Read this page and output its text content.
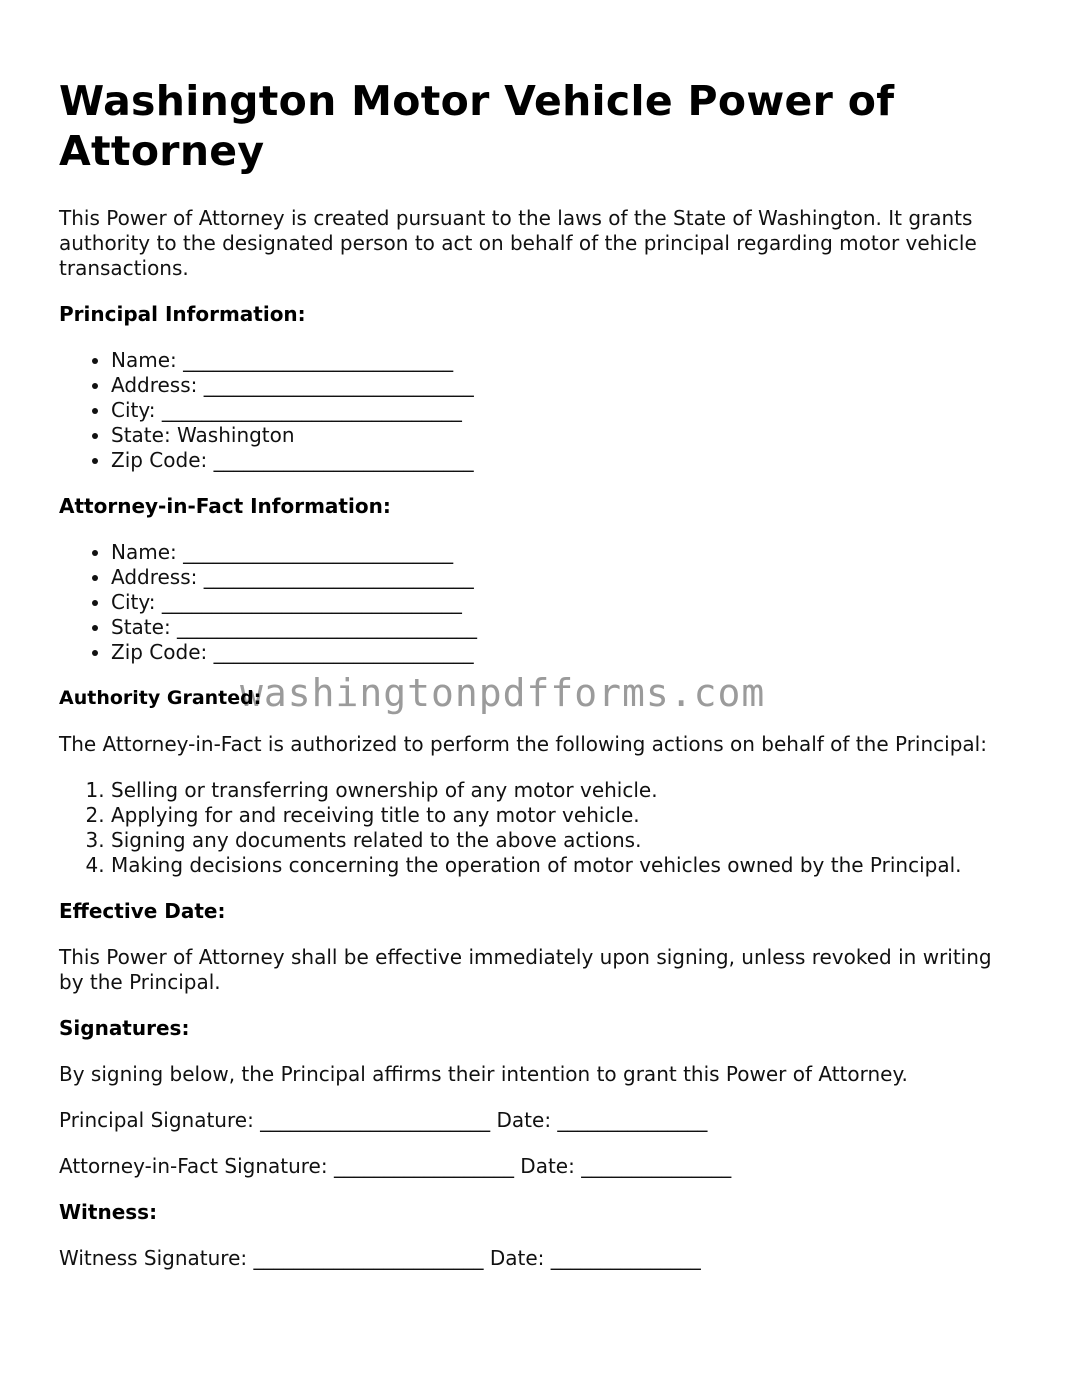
Washington Motor Vehicle Power of Attorney

This Power of Attorney is created pursuant to the laws of the State of Washington. It grants authority to the designated person to act on behalf of the principal regarding motor vehicle transactions.

Principal Information:
• Name: ___________________________
• Address: ___________________________
• City: ______________________________
• State: Washington
• Zip Code: __________________________
Attorney-in-Fact Information:
• Name: ___________________________
• Address: ___________________________
• City: ______________________________
• State: ______________________________
• Zip Code: __________________________
Authority Granted:
washingtonpdfforms.com

The Attorney-in-Fact is authorized to perform the following actions on behalf of the Principal:

1. Selling or transferring ownership of any motor vehicle.
2. Applying for and receiving title to any motor vehicle.
3. Signing any documents related to the above actions.
4. Making decisions concerning the operation of motor vehicles owned by the Principal.
Effective Date:

This Power of Attorney shall be effective immediately upon signing, unless revoked in writing by the Principal.

Signatures:

By signing below, the Principal affirms their intention to grant this Power of Attorney.

Principal Signature: _______________________ Date: _______________
Attorney-in-Fact Signature: __________________ Date: _______________
Witness:
Witness Signature: _______________________ Date: _______________
